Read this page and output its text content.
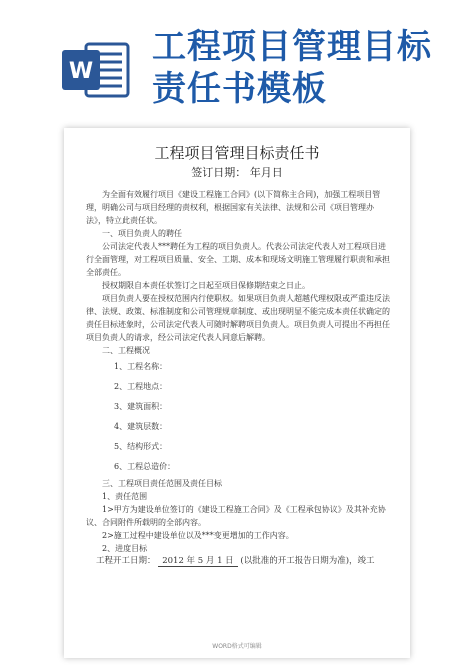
W
工程项目管理目标责任书模板
工程项目管理目标责任书
签订日期： 年月日

为全面有效履行项目《建设工程施工合同》(以下简称主合同)，加强工程项目管理，明确公司与项目经理的责权利，根据国家有关法律、法规和公司《项目管理办法》，特立此责任状。

一、项目负责人的聘任

公司法定代表人***聘任为工程的项目负责人。代表公司法定代表人对工程项目进行全面管理，对工程项目质量、安全、工期、成本和现场文明施工管理履行职责和承担全部责任。

授权期限自本责任状签订之日起至项目保修期结束之日止。

项目负责人要在授权范围内行使职权。如果项目负责人超越代理权限或严重违反法律、法规、政策、标准制度和公司管理规章制度、或出现明显不能完成本责任状确定的责任目标迹象时，公司法定代表人可随时解聘项目负责人。项目负责人可提出不再担任项目负责人的请求，经公司法定代表人同意后解聘。

二、工程概况

1、工程名称：

2、工程地点：

3、建筑面积：

4、建筑层数：

5、结构形式：

6、工程总造价：

三、工程项目责任范围及责任目标

1、责任范围

1>甲方为建设单位签订的《建设工程施工合同》及《工程承包协议》及其补充协议、合同附件所载明的全部内容。

2>施工过程中建设单位以及***变更增加的工作内容。

2、进度目标

工程开工日期： 2012 年 5 月 1 日 (以批准的开工报告日期为准)，竣工

WORD格式可编辑
